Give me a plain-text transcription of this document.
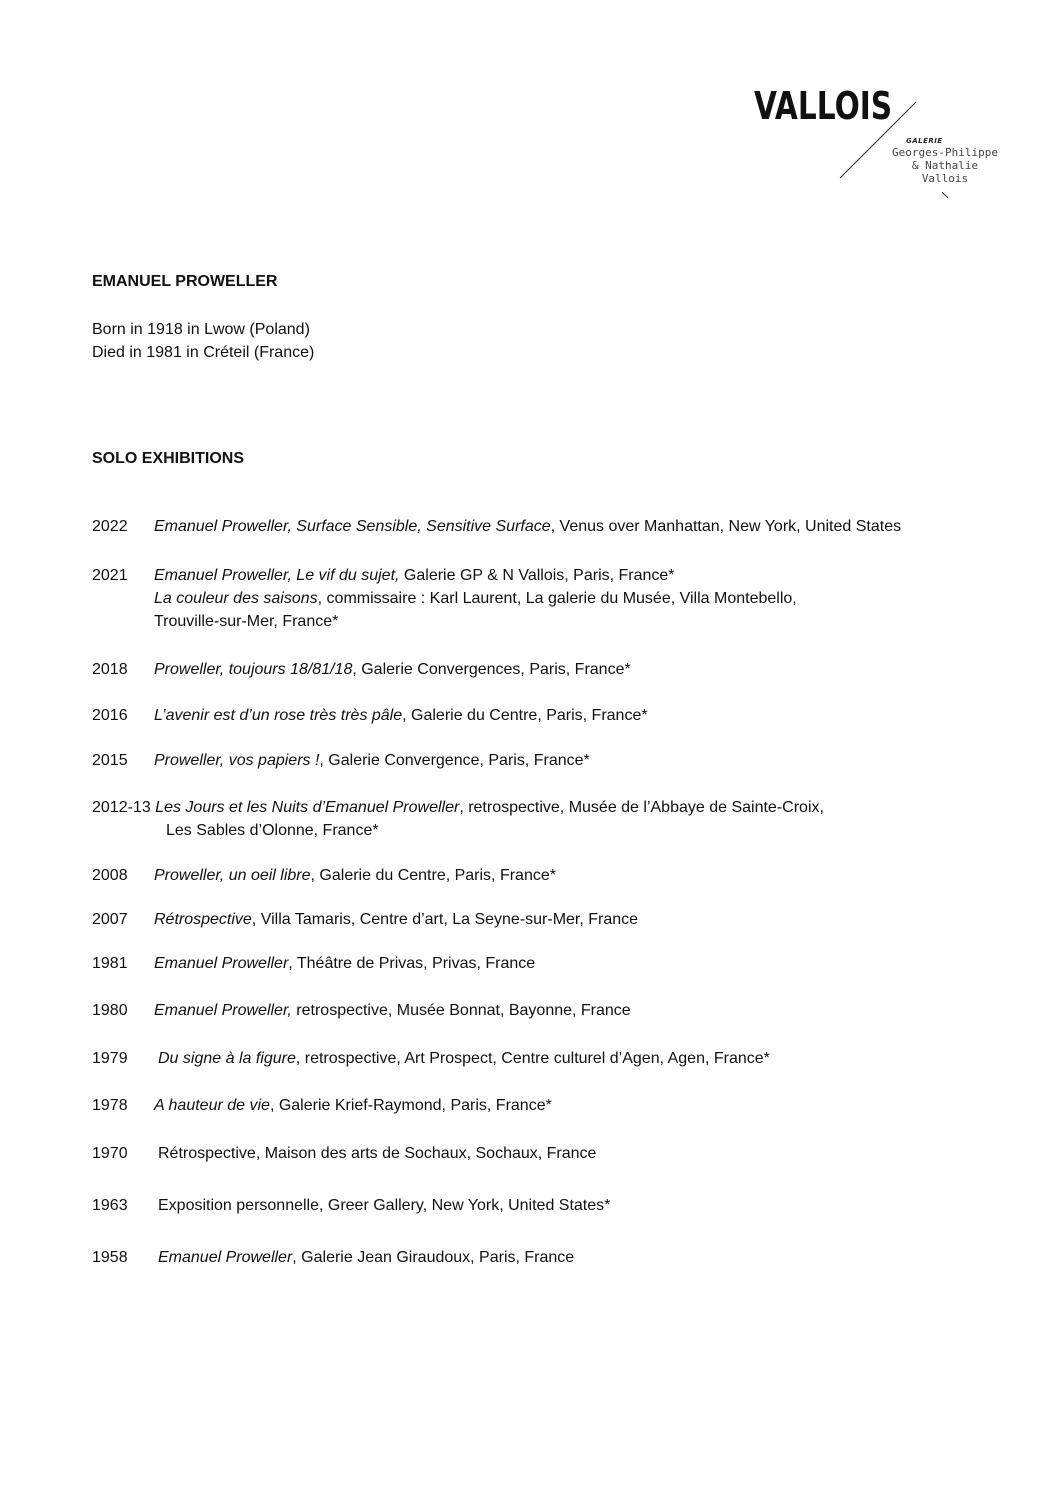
VALLOIS
GALERIE
Georges-Philippe
& Nathalie
Vallois
EMANUEL PROWELLER
Born in 1918 in Lwow (Poland)
Died in 1981 in Créteil (France)
SOLO EXHIBITIONS
2022 Emanuel Proweller, Surface Sensible, Sensitive Surface, Venus over Manhattan, New York, United States
2021 Emanuel Proweller, Le vif du sujet, Galerie GP & N Vallois, Paris, France*
La couleur des saisons, commissaire : Karl Laurent, La galerie du Musée, Villa Montebello,
Trouville-sur-Mer, France*
2018 Proweller, toujours 18/81/18, Galerie Convergences, Paris, France*
2016 L’avenir est d’un rose très très pâle, Galerie du Centre, Paris, France*
2015 Proweller, vos papiers !, Galerie Convergence, Paris, France*
2012-13 Les Jours et les Nuits d’Emanuel Proweller, retrospective, Musée de l’Abbaye de Sainte-Croix,
Les Sables d’Olonne, France*
2008 Proweller, un oeil libre, Galerie du Centre, Paris, France*
2007 Rétrospective, Villa Tamaris, Centre d’art, La Seyne-sur-Mer, France
1981 Emanuel Proweller, Théâtre de Privas, Privas, France
1980 Emanuel Proweller, retrospective, Musée Bonnat, Bayonne, France
1979 Du signe à la figure, retrospective, Art Prospect, Centre culturel d’Agen, Agen, France*
1978 A hauteur de vie, Galerie Krief-Raymond, Paris, France*
1970 Rétrospective, Maison des arts de Sochaux, Sochaux, France
1963 Exposition personnelle, Greer Gallery, New York, United States*
1958 Emanuel Proweller, Galerie Jean Giraudoux, Paris, France
